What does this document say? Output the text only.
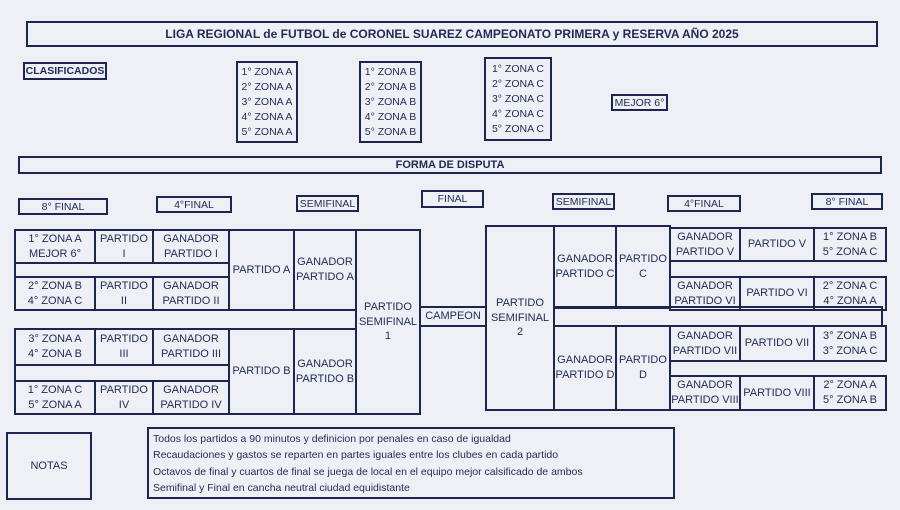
LIGA REGIONAL de FUTBOL de CORONEL SUAREZ CAMPEONATO PRIMERA y RESERVA AÑO 2025
CLASIFICADOS	1° ZONA A
2° ZONA A
3° ZONA A
4° ZONA A
5° ZONA A
1° ZONA B
2° ZONA B
3° ZONA B
4° ZONA B
5° ZONA B
1° ZONA C
2° ZONA C
3° ZONA C
4° ZONA C
5° ZONA C
MEJOR 6°
FORMA DE DISPUTA
8° FINAL	4°FINAL	SEMIFINAL	FINAL	SEMIFINAL	4°FINAL	8° FINAL
1° ZONA A
MEJOR 6°
PARTIDO
I
GANADOR
PARTIDO I
2° ZONA B
4° ZONA C
PARTIDO
II
GANADOR
PARTIDO II
3° ZONA A
4° ZONA B
PARTIDO
III
GANADOR
PARTIDO III
1° ZONA C
5° ZONA A
PARTIDO
IV
GANADOR
PARTIDO IV
PARTIDO A
PARTIDO B
GANADOR
PARTIDO A
GANADOR
PARTIDO B
PARTIDO
SEMIFINAL
1
CAMPEON
PARTIDO
SEMIFINAL 2
GANADOR
PARTIDO C
GANADOR
PARTIDO D
PARTIDO
C
PARTIDO
D
GANADOR
PARTIDO V
PARTIDO V
1° ZONA B
5° ZONA C
GANADOR
PARTIDO VI
PARTIDO VI
2° ZONA C
4° ZONA A
GANADOR
PARTIDO VII
PARTIDO VII
3° ZONA B
3° ZONA C
GANADOR
PARTIDO VIII
PARTIDO VIII
2° ZONA A
5° ZONA B
NOTAS
Todos los partidos a 90 minutos y definicion por penales en caso de igualdad
Recaudaciones y gastos se reparten en partes iguales entre los clubes en cada partido
Octavos de final y cuartos de final se juega de local en el equipo mejor calsificado de ambos
Semifinal y Final en cancha neutral ciudad equidistante
